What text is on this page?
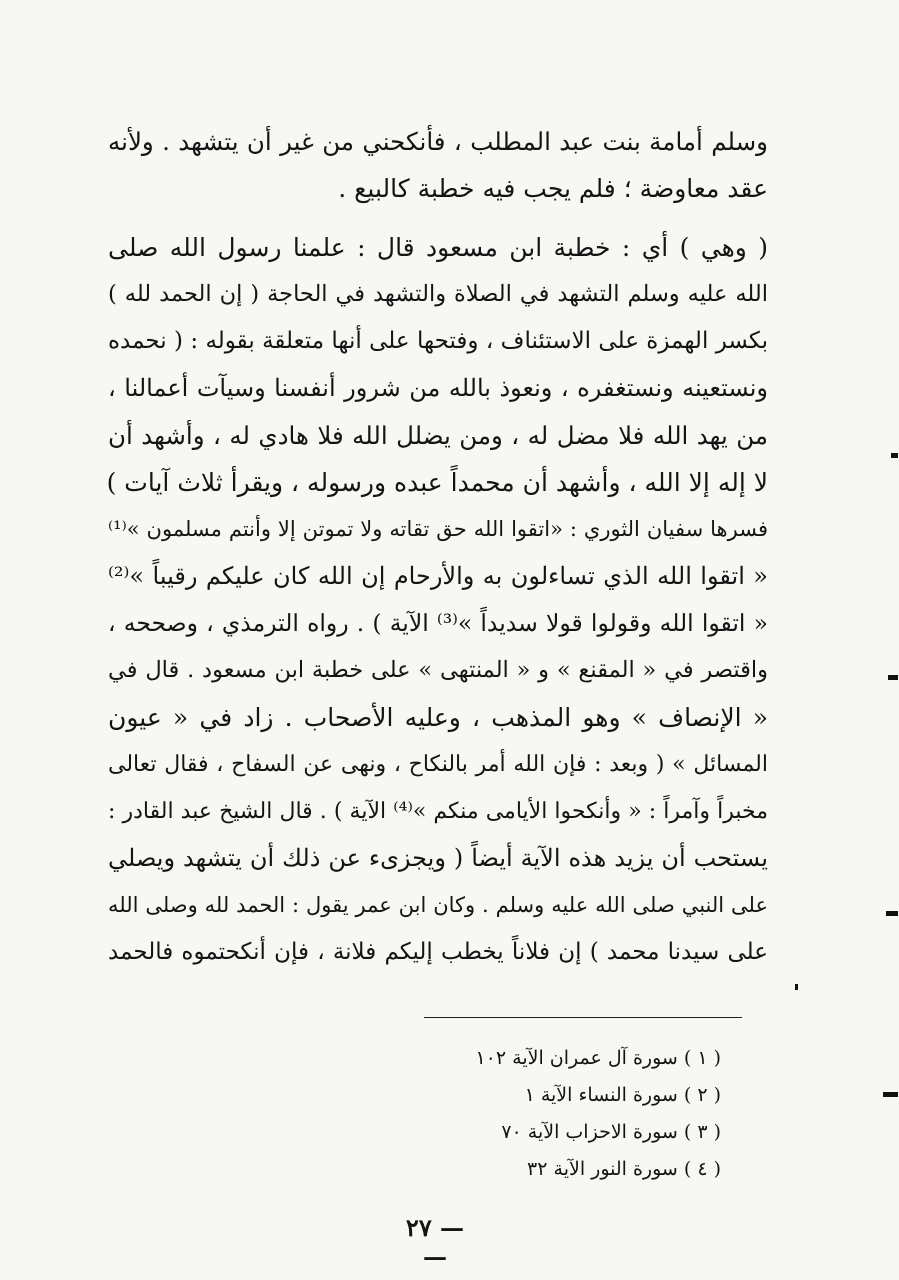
وسلم أمامة بنت عبد المطلب ، فأنكحني من غير أن يتشهد . ولأنه
عقد معاوضة ؛ فلم يجب فيه خطبة كالبيع .
( وهي ) أي : خطبة ابن مسعود قال : علمنا رسول الله صلى
الله عليه وسلم التشهد في الصلاة والتشهد في الحاجة ( إن الحمد لله )
بكسر الهمزة على الاستئناف ، وفتحها على أنها متعلقة بقوله : ( نحمده
ونستعينه ونستغفره ، ونعوذ بالله من شرور أنفسنا وسيآت أعمالنا ،
من يهد الله فلا مضل له ، ومن يضلل الله فلا هادي له ، وأشهد أن
لا إله إلا الله ، وأشهد أن محمداً عبده ورسوله ، ويقرأ ثلاث آيات )
فسرها سفيان الثوري : «اتقوا الله حق تقاته ولا تموتن إلا وأنتم مسلمون »⁽¹⁾
« اتقوا الله الذي تساءلون به والأرحام إن الله كان عليكم رقيباً »⁽²⁾
« اتقوا الله وقولوا قولا سديداً »⁽³⁾ الآية ) . رواه الترمذي ، وصححه ،
واقتصر في « المقنع » و « المنتهى » على خطبة ابن مسعود . قال في
« الإنصاف » وهو المذهب ، وعليه الأصحاب . زاد في « عيون
المسائل » ( وبعد : فإن الله أمر بالنكاح ، ونهى عن السفاح ، فقال تعالى
مخبراً وآمراً : « وأنكحوا الأيامى منكم »⁽⁴⁾ الآية ) . قال الشيخ عبد القادر :
يستحب أن يزيد هذه الآية أيضاً ( ويجزىء عن ذلك أن يتشهد ويصلي
على النبي صلى الله عليه وسلم . وكان ابن عمر يقول : الحمد لله وصلى الله
على سيدنا محمد ) إن فلاناً يخطب إليكم فلانة ، فإن أنكحتموه فالحمد
( ١ ) سورة آل عمران الآية ١٠٢
( ٢ ) سورة النساء الآية ١
( ٣ ) سورة الاحزاب الآية ٧٠
( ٤ ) سورة النور الآية ٣٢
— ٢٧ —
